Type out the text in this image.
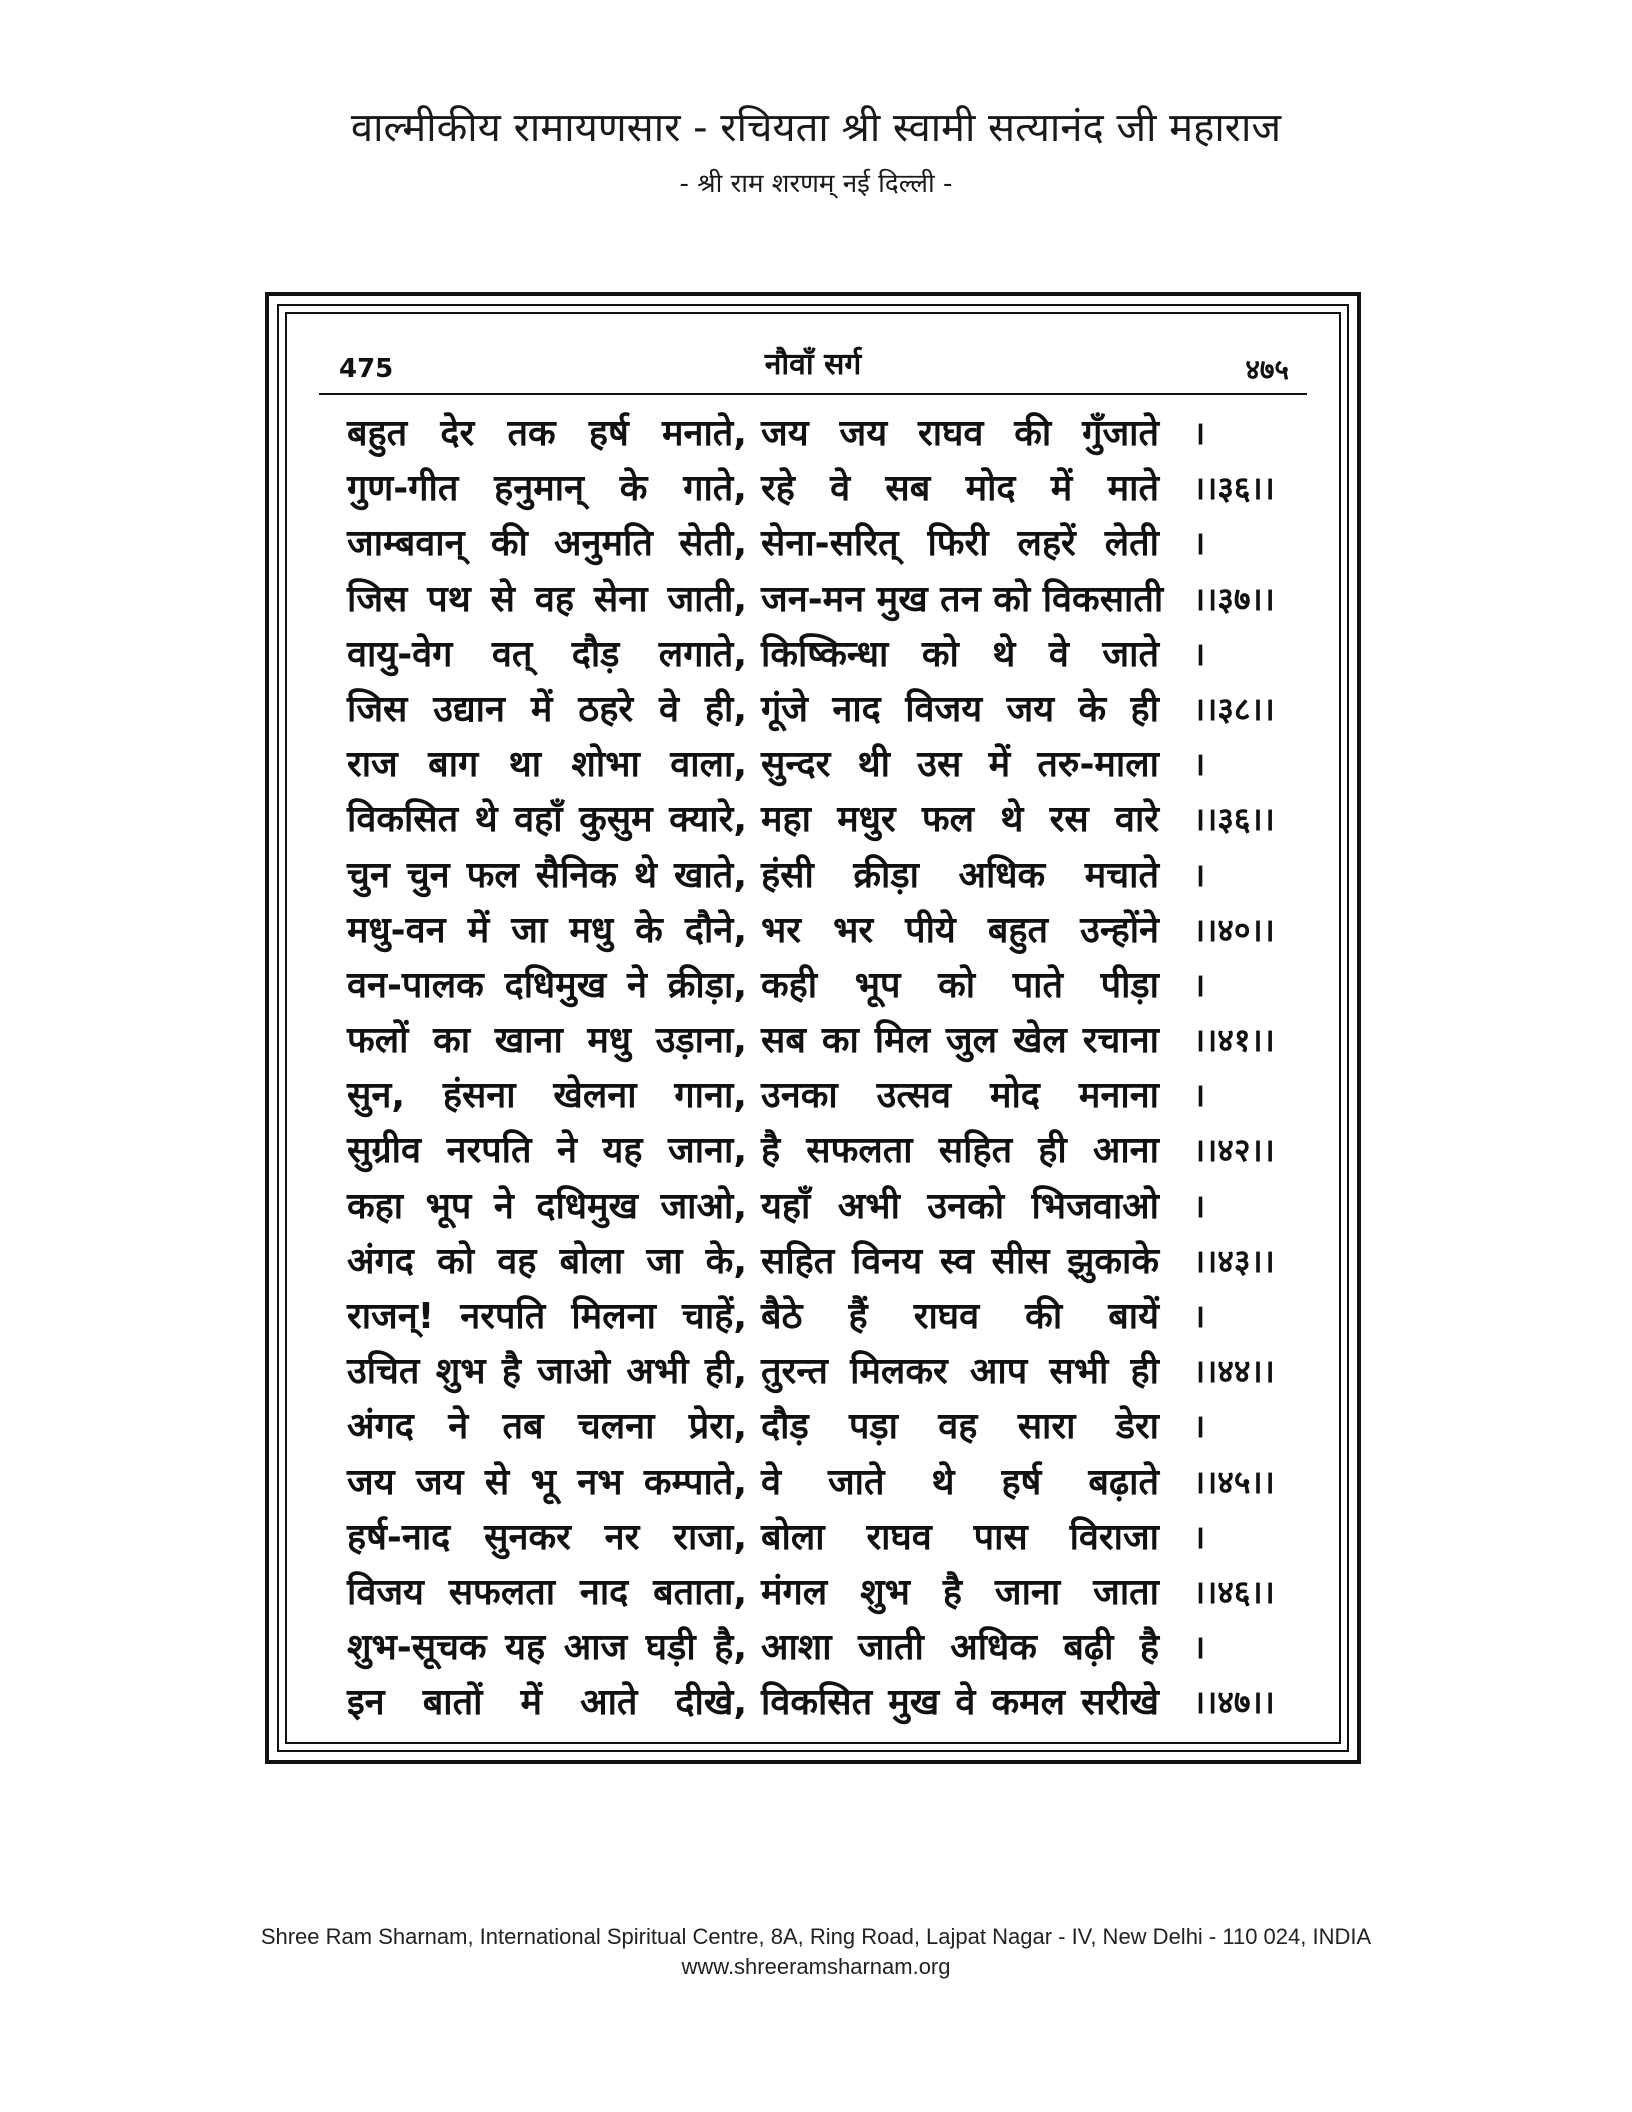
वाल्मीकीय रामायणसार - रचियता श्री स्वामी सत्यानंद जी महाराज
- श्री राम शरणम् नई दिल्ली -
475	नौवाँ सर्ग	४७५
बहुत देर तक हर्ष मनाते, जय जय राघव की गुँजाते ।
गुण-गीत हनुमान् के गाते, रहे वे सब मोद में माते ।।३६।।
जाम्बवान् की अनुमति सेती, सेना-सरित् फिरी लहरें लेती ।
जिस पथ से वह सेना जाती, जन-मन मुख तन को विकसाती ।।३७।।
वायु-वेग वत् दौड़ लगाते, किष्किन्धा को थे वे जाते ।
जिस उद्यान में ठहरे वे ही, गूंजे नाद विजय जय के ही ।।३८।।
राज बाग था शोभा वाला, सुन्दर थी उस में तरु-माला ।
विकसित थे वहाँ कुसुम क्यारे, महा मधुर फल थे रस वारे ।।३६।।
चुन चुन फल सैनिक थे खाते, हंसी क्रीड़ा अधिक मचाते ।
मधु-वन में जा मधु के दौने, भर भर पीये बहुत उन्होंने ।।४०।।
वन-पालक दधिमुख ने क्रीड़ा, कही भूप को पाते पीड़ा ।
फलों का खाना मधु उड़ाना, सब का मिल जुल खेल रचाना ।।४१।।
सुन, हंसना खेलना गाना, उनका उत्सव मोद मनाना ।
सुग्रीव नरपति ने यह जाना, है सफलता सहित ही आना ।।४२।।
कहा भूप ने दधिमुख जाओ, यहाँ अभी उनको भिजवाओ ।
अंगद को वह बोला जा के, सहित विनय स्व सीस झुकाके ।।४३।।
राजन्! नरपति मिलना चाहें, बैठे हैं राघव की बायें ।
उचित शुभ है जाओ अभी ही, तुरन्त मिलकर आप सभी ही ।।४४।।
अंगद ने तब चलना प्रेरा, दौड़ पड़ा वह सारा डेरा ।
जय जय से भू नभ कम्पाते, वे जाते थे हर्ष बढ़ाते ।।४५।।
हर्ष-नाद सुनकर नर राजा, बोला राघव पास विराजा ।
विजय सफलता नाद बताता, मंगल शुभ है जाना जाता ।।४६।।
शुभ-सूचक यह आज घड़ी है, आशा जाती अधिक बढ़ी है ।
इन बातों में आते दीखे, विकसित मुख वे कमल सरीखे ।।४७।।
Shree Ram Sharnam, International Spiritual Centre, 8A, Ring Road, Lajpat Nagar - IV, New Delhi - 110 024, INDIA
www.shreeramsharnam.org
